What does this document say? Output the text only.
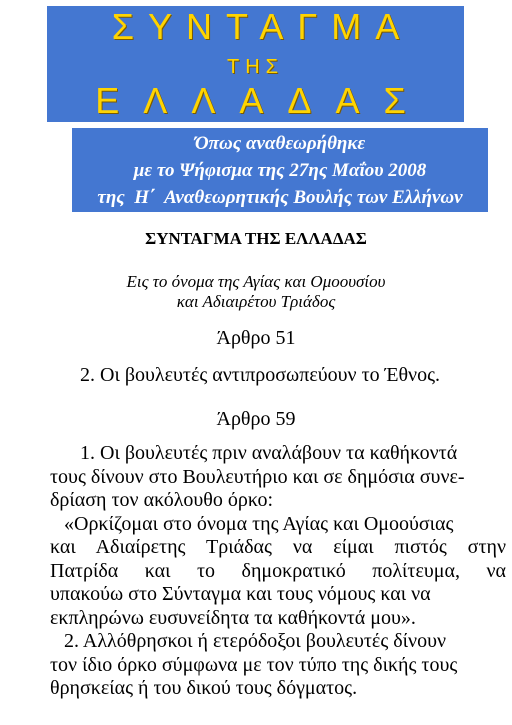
ΣΥΝΤΑΓΜΑ
ΤΗΣ
ΕΛΛΑΔΑΣ
Όπως αναθεωρήθηκε
με το Ψήφισμα της 27ης Μαΐου 2008
της  Η΄  Αναθεωρητικής Βουλής των Ελλήνων
ΣΥΝΤΑΓΜΑ ΤΗΣ ΕΛΛΑΔΑΣ
Εις το όνομα της Αγίας και Ομοουσίου
και Αδιαιρέτου Τριάδος
Άρθρο 51
2. Οι βουλευτές αντιπροσωπεύουν το Έθνος.
Άρθρο 59
1. Οι βουλευτές πριν αναλάβουν τα καθήκοντά
τους δίνουν στο Βουλευτήριο και σε δημόσια συνε-
δρίαση τον ακόλουθο όρκο:
«Ορκίζομαι στο όνομα της Αγίας και Ομοούσιας
και Αδιαίρετης Τριάδας να είμαι πιστός στην
Πατρίδα και το δημοκρατικό πολίτευμα, να
υπακούω στο Σύνταγμα και τους νόμους και να
εκπληρώνω ευσυνείδητα τα καθήκοντά μου».
2. Αλλόθρησκοι ή ετερόδοξοι βουλευτές δίνουν
τον ίδιο όρκο σύμφωνα με τον τύπο της δικής τους
θρησκείας ή του δικού τους δόγματος.
